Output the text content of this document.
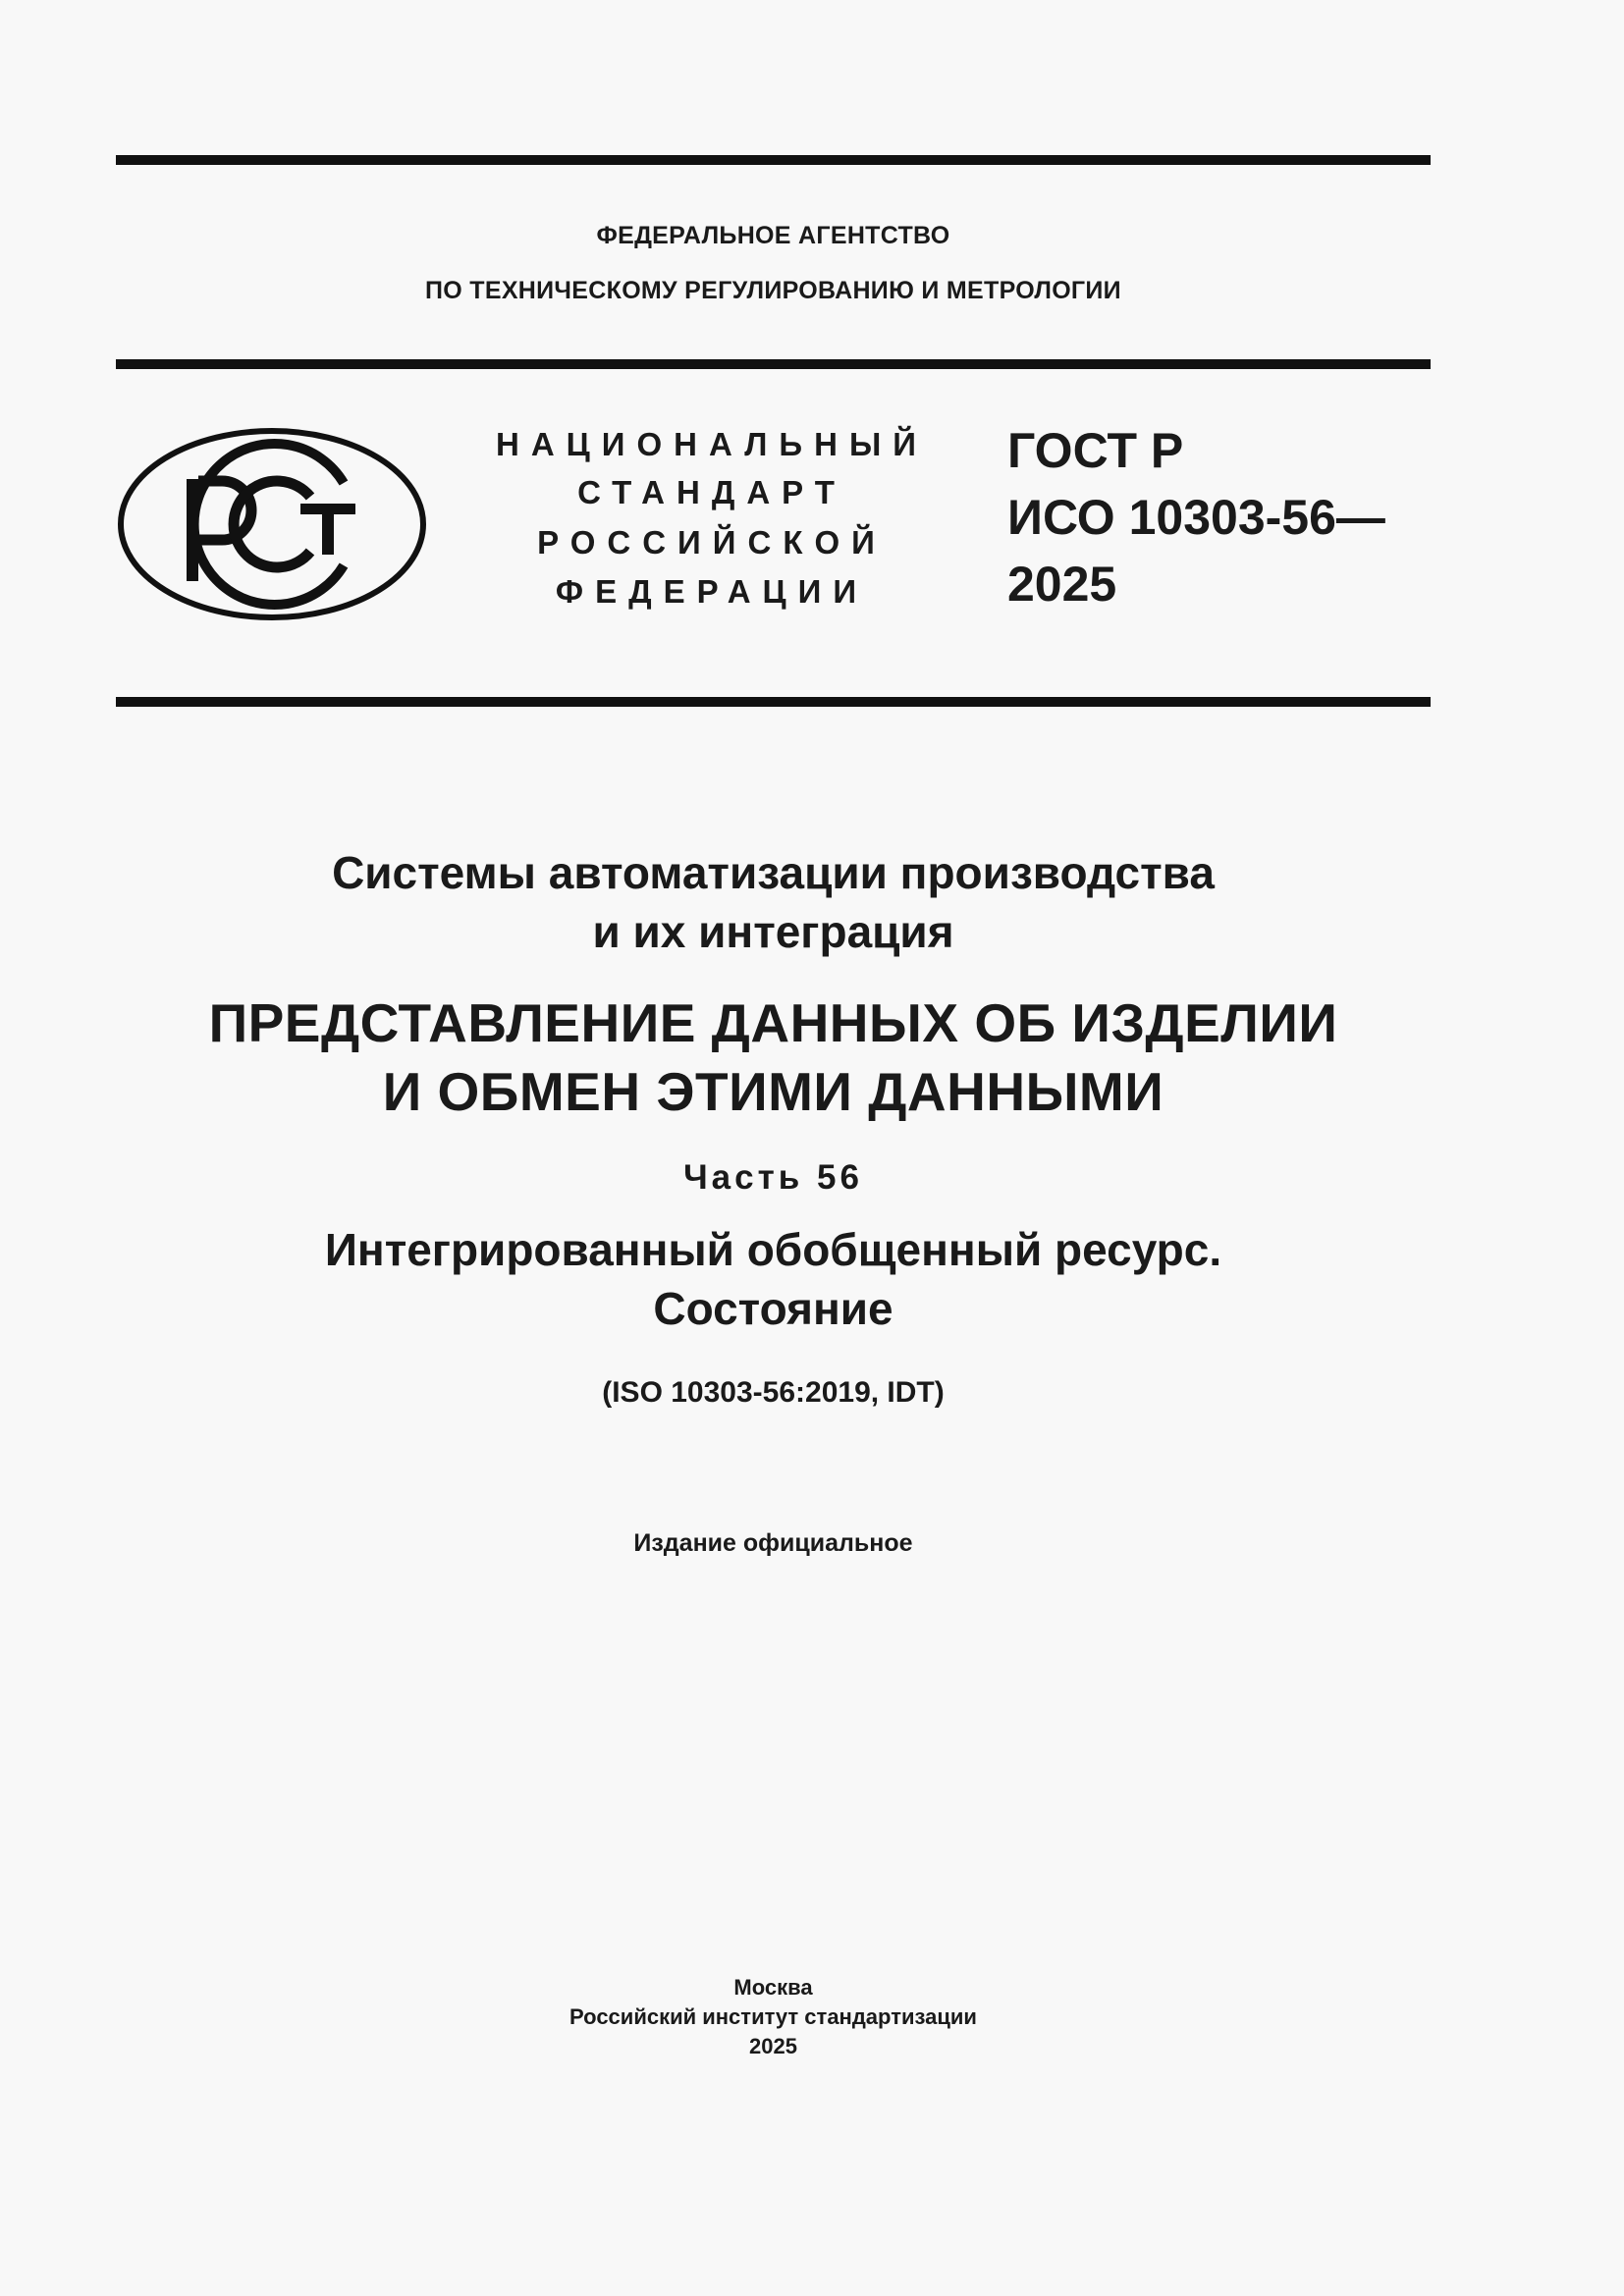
ФЕДЕРАЛЬНОЕ АГЕНТСТВО
ПО ТЕХНИЧЕСКОМУ РЕГУЛИРОВАНИЮ И МЕТРОЛОГИИ
НАЦИОНАЛЬНЫЙ
СТАНДАРТ
РОССИЙСКОЙ
ФЕДЕРАЦИИ
ГОСТ Р
ИСО 10303-56—
2025
Системы автоматизации производства
и их интеграция
ПРЕДСТАВЛЕНИЕ ДАННЫХ ОБ ИЗДЕЛИИ
И ОБМЕН ЭТИМИ ДАННЫМИ
Часть 56
Интегрированный обобщенный ресурс.
Состояние
(ISO 10303-56:2019, IDT)
Издание официальное
Москва
Российский институт стандартизации
2025
